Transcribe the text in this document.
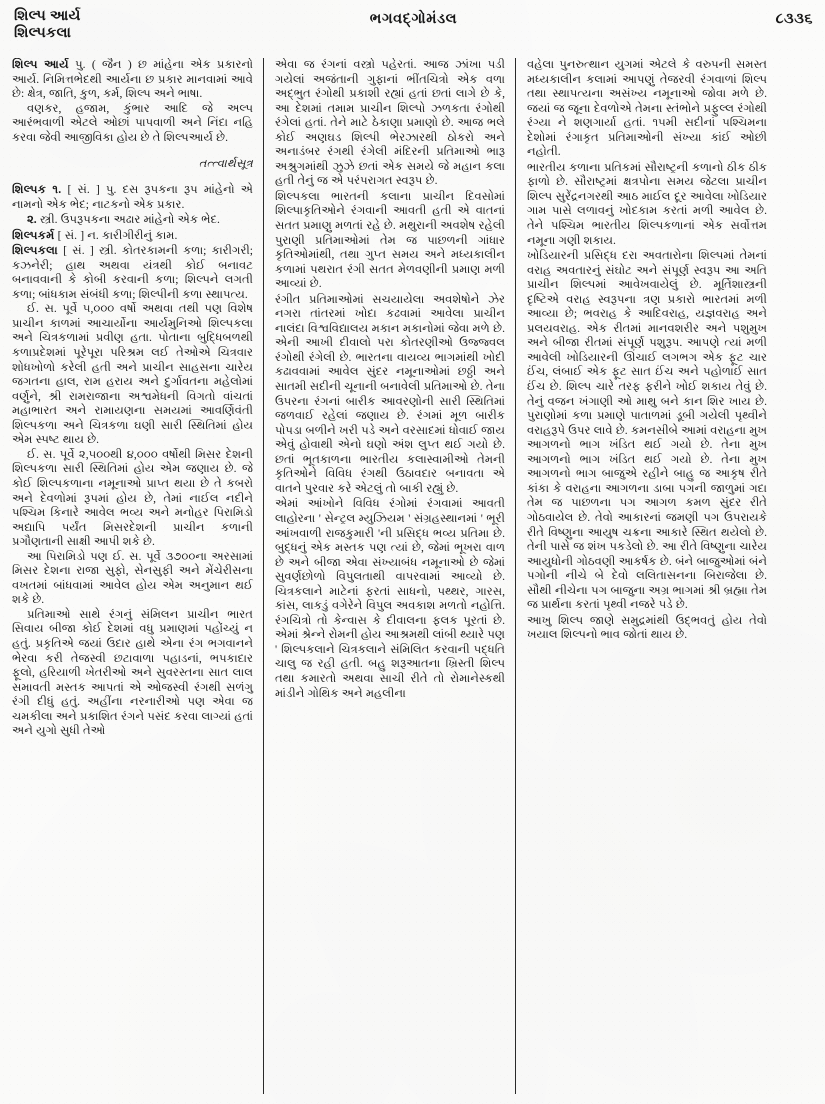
શિલ્પ આર્ય
શિલ્પકલા
ભગવદ્ગોમંડલ	૮૩૩૬

શિલ્પ આર્ય પુ. ( જૈન ) છ માંહેના એક પ્રકારનો આર્ય. નિમિત્તભેદથી આર્યના છ પ્રકાર માનવામાં આવે છે: ક્ષેત્ર, જાતિ, કુળ, કર્મ, શિલ્પ અને ભાષા.

વણકર, હજામ, કુંભાર આદિ જે અલ્પ આરંભવાળી એટલે ઓછાં પાપવાળી અને નિંદા નહિ કરવા જેવી આજીવિકા હોય છે તે શિલ્પઆર્ય છે.

તત્ત્વાર્થસૂત્ર

શિલ્પક ૧. [ સં. ] પુ. દસ રૂપકના રૂપ માંહેનો એ નામનો એક ભેદ; નાટકનો એક પ્રકાર.

૨. સ્ત્રી. ઉપરૂપકના અઢાર માંહેનો એક ભેદ.

શિલ્પકર્મ [ સં. ] ન. કારીગીરીનું કામ.

શિલ્પકલા [ સં. ] સ્ત્રી. કોતરકામની કળા; કારીગરી; કઝનેરી; હાથ અથવા યંત્રથી કોઈ બનાવટ બનાવવાની કે કોબી કરવાની કળા; શિલ્પને લગતી કળા; બાંધકામ સંબંધી કળા; શિલ્પીની કળા સ્થાપત્ય.

ઈ. સ. પૂર્વે ૫,૦૦૦ વર્ષો અથવા તથી પણ વિશેષ પ્રાચીન કાળમાં આચાર્યોના આર્યમુનિઓ શિલ્પકલા અને ચિત્રકળામાં પ્રવીણ હતા. પોતાના બુદ્ધિબળથી કળાપ્રદેશમાં પૂરેપૂરા પરિશ્રમ લઈ તેઓએ ચિત્રવાર શોધખોળો કરેલી હતી અને પ્રાચીન સાહસના ચારેય જગતના હાલ, રામ હરાય અને દુર્ગાવતના મહેલોમાં વર્ણુને, શ્રી રામરાજાના અશ્વમેધની વિગતો વાંચતાં મહાભારત અને રામાયણના સમયમાં આવર્ણિવંતી શિલ્પકળા અને ચિત્રકળા ઘણી સારી સ્થિતિમાં હોય એમ સ્પષ્ટ થાય છે.

ઈ. સ. પૂર્વે ૨,૫૦૦થી ૪,૦૦૦ વર્ષોથી મિસર દેશની શિલ્પકળા સારી સ્થિતિમાં હોય એમ જણાય છે. જે કોઈ શિલ્પકળાના નમૂનાઓ પ્રાપ્ત થયા છે તે કબરો અને દેવળોમાં રૂપમાં હોય છે, તેમાં નાઈલ નદીને પશ્ચિમ કિનારે આવેલ ભવ્ય અને મનોહર પિરામિડો અદ્યાપિ પર્યંત મિસરદેશની પ્રાચીન કળાની પ્રગૌણતાની સાક્ષી આપી શકે છે.

આ પિરામિડો પણ ઈ. સ. પૂર્વે ૩૭૦૦ના અરસામાં મિસર દેશના રાજા સુફો, સેનસુફી અને મેંચેરીસના વખતમાં બાંધવામાં આવેલ હોય એમ અનુમાન થઈ શકે છે.

પ્રતિમાઓ સાથે રંગનું સંમિલન પ્રાચીન ભારત સિવાય બીજા કોઈ દેશમાં વધુ પ્રમાણમાં પહોંચ્યું ન હતું. પ્રકૃતિએ જયાં ઉદાર હાથે એના રંગ ભગવાનને ભેરવા કરી તેજસ્વી છટાવાળા પહાડનાં, ભપકાદાર ફૂલો, હરિયાળી ખેતરીઓ અને સુવરસ્તના સાત લાલ સમાવતી મસ્તક આપતાં એ ઓજસ્વી રંગથી સળંગુ રંગી દીધું હતું. અહીંના નરનારીઓ પણ એવા જ ચમકીલા અને પ્રકાશિત રંગને પસંદ કરવા લાગ્યાં હતાં અને યુગો સુધી તેઓ

એવા જ રંગનાં વસ્ત્રો પહેરતાં. આજ ઝાંખા પડી ગયેલાં અજંતાની ગુફાનાં ભીંતચિત્રો એક વળા અદ્ભુત રંગોથી પ્રકાશી રહ્યાં હતાં છતાં લાગે છે કે, આ દેશમાં તમામ પ્રાચીન શિલ્પો ઝળકતા રંગોથી રંગેલાં હતાં. તેને માટે ઠેકાણા પ્રમાણો છે. આજ ભલે કોઈ અણઘડ શિલ્પી ભેરઝારથી ઠોકરો અને અનાડંબર રંગથી રંગેલી મંદિરની પ્રતિમાઓ ભારૂ અશ્રુગમાંથી ઝુઝે છતાં એક સમયે જે મહાન કલા હતી તેનું જ એ પરંપરાગત સ્વરૂપ છે.

શિલ્પકલા ભારતની કલાના પ્રાચીન દિવસોમાં શિલ્પાકૃતિઓને રંગવાની આવતી હતી એ વાતનાં સતત પ્રમાણુ મળતાં રહે છે. મથુરાની અવશેષ રહેલી પુરાણી પ્રતિમાઓમાં તેમ જ પાછળની ગાંધાર કૃતિઓમાંથી, તથા ગુપ્ત સમય અને મધ્યકાલીન કળામાં પથરાત રંગી સતત મેળવણીની પ્રમાણ મળી આવ્યાં છે.

રંગીત પ્રતિમાઓમાં સચયાયેલા અવશેષોને ઝેર નગરા તાંતરમાં ખોદા કઢવામાં આવેલા પ્રાચીન નાલંદા વિશ્વવિદ્યાલય મકાન મકાનોમાં જેવા મળે છે. એની આખી દીવાલો પરા કોતરણીઓ ઉજ્જ્વલ રંગોથી રંગેલી છે. ભારતના વાયવ્ય ભાગમાંથી ખોદી કઢાવવામાં આવેલ સુંદર નમૂનાઓમાં છઠ્ઠી અને સાતમી સદીની ચૂનાની બનાવેલી પ્રતિમાઓ છે. તેના ઉપરના રંગનાં બારીક આવરણોની સારી સ્થિતિમાં જળવાઈ રહેલાં જણાય છે. રંગમાં મૂળ બારીક પોપડા બળીને ખરી પડે અને વરસાદમાં ધોવાઈ જાય એવું હોવાથી એનો ઘણો અંશ લુપ્ત થઈ ગયો છે. છતાં ભૂતકાળના ભારતીય કલાસ્વામીઓ તેમની કૃતિઓને વિવિધ રંગથી ઉઠાવદાર બનાવતા એ વાતને પુરવાર કરે એટલું તો બાકી રહ્યું છે.

એમાં આંખોને વિવિધ રંગોમાં રંગવામાં આવતી લાહોરના ' સેન્ટ્રલ મ્યુઝિયમ ' સંગ્રહસ્થાનમાં ' ભૂરી આંખવાળી રાજકુમારી 'ની પ્રસિદ્ધ ભવ્ય પ્રતિમા છે. બુદ્ધનું એક મસ્તક પણ ત્યાં છે, જેમાં ભૂખરા વાળ છે અને બીજા એવા સંખ્યાબંધ નમૂનાઓ છે જેમાં સુવર્ણછોળો વિપુલતાથી વાપરવામાં આવ્યો છે. ચિત્રકલાને માટેનાં ફરતાં સાધનો, પથ્થર, ગારસ, કાંસ, લાકડું વગેરેને વિપુલ અવકાશ મળતો નહોત્તિ. રંગચિત્રો તો કેન્વાસ કે દીવાલના ફલક પૂરતાં છે. એમાં શ્રેન્ને રોમની હોય આશ્રમથી લાંબી થ્યારે પણ ' શિલ્પકલાને ચિત્રકલાને સંમિલિત કરવાની પદ્ધતિ ચાલુ જ રહી હતી. બહુ શરૂઆતના ખ્રિસ્તી શિલ્પ તથા કમારતો અથવા સાચી રીતે તો રોમાનેસ્કથી માંડીને ગોથિક અને મહલીના

વહેલા પુનરુત્થાન યુગમાં એટલે કે વરુપની સમસ્ત મધ્યકાલીન કલામાં આપણું તેજરવી રંગવાળાં શિલ્પ તથા સ્થાપત્યના અસંખ્ય નમૂનાઓ જોવા મળે છે. જયાં જ જૂના દેવળોએ તેમના સ્તંભોને પ્રફુલ્લ રંગોથી રંગ્યા ને શણગાર્યા હતાં. ૧૫મી સદીનાં પશ્ચિમના દેશોમાં રંગાકૃત પ્રતિમાઓની સંખ્યા કાંઈ ઓછી નહોતી.

ભારતીય કળાના પ્રતિકમાં સૌરાષ્ટ્રની કળાનો ઠીક ઠીક ફાળો છે. સૌરાષ્ટ્રમાં ક્ષત્રપોના સમય જેટલા પ્રાચીન શિલ્પ સુરેંદ્રનગરથી આઠ માઈલ દૂર આવેલા ખોડિયાર ગામ પાસે લળાવનું ખોદકામ કરતાં મળી આવેલ છે. તેને પશ્ચિમ ભારતીય શિલ્પકળાનાં એક સર્વોત્તમ નમૂના ગણી શકાય.

ખોડિયારની પ્રસિદ્ધ દરા અવતારોના શિલ્પમાં તેમનાં વરાહ અવતારનું સંઘોટ અને સંપૂર્ણ સ્વરૂપ આ અતિ પ્રાચીન શિલ્પમાં આવેખવાયેલું છે. મૂર્તિશાસ્ત્રની દૃષ્ટિએ વરાહ સ્વરૂપના ત્રણ પ્રકારો ભારતમાં મળી આવ્યા છે; ભવરાહ કે આદિવરાહ, યજ્ઞવરાહ અને પ્રલયવરાહ. એક રીતમાં માનવશરીર અને પશુમુખ અને બીજા રીતમાં સંપૂર્ણ પશુરૂપ. આપણે ત્યાં મળી આવેલી ખોડિયારની ઊંચાઈ લગભગ એક ફૂટ ચાર ઈંચ, લંબાઈ એક ફૂટ સાત ઈંચ અને પહોળાઈ સાત ઈંચ છે. શિલ્પ ચારે તરફ ફરીને ખોઈ શકાય તેવું છે. તેનું વજન ખંગાણી ઓ માથુ બને કાન શિર ખાય છે. પુરાણોમાં કળા પ્રમાણે પાતાળમાં ડૂબી ગયેલી પૃથ્વીને વરાહરૂપે ઉપર લાવે છે. કમનસીબે આમાં વરાહના મુખ આગળનો ભાગ ખંડિત થઈ ગયો છે. તેના મુખ આગળનો ભાગ ખંડિત થઈ ગયો છે. તેના મુખ આગળનો ભાગ બાજુએ રહીને બાહુ જ આકૃષ રીતે કાંકા કે વરાહના આગળના ડાબા પગની જાળુમાં ગદા તેમ જ પાછળના પગ આગળ કમળ સુંદર રીતે ગોઠવાયેલ છે. તેવો આકારનાં જમણી પગ ઉપરાયકે રીતે વિષ્ણુના આયુષ ચક્રના આકારે સ્થિત થયેલો છે. તેની પાસે જ શંખ પકડેલો છે. આ રીતે વિષ્ણુના ચારેય આયુધોની ગોઠવણી આકર્ષક છે. બંને બાજુઓમાં બંને પગોની નીચે બે દેવો લલિતાસનના બિરાજેલા છે. સૌથી નીચેના પગ બાજુના અગ્ર ભાગમાં શ્રી બ્રહ્મા તેમ જ પ્રાર્થના કરતાં પૃથ્વી નજરે પડે છે.

આખુ શિલ્પ જાણે સમુદ્રમાંથી ઉદ્ભવતું હોય તેવો ખયાલ શિલ્પનો ભાવ જોતાં થાય છે.
